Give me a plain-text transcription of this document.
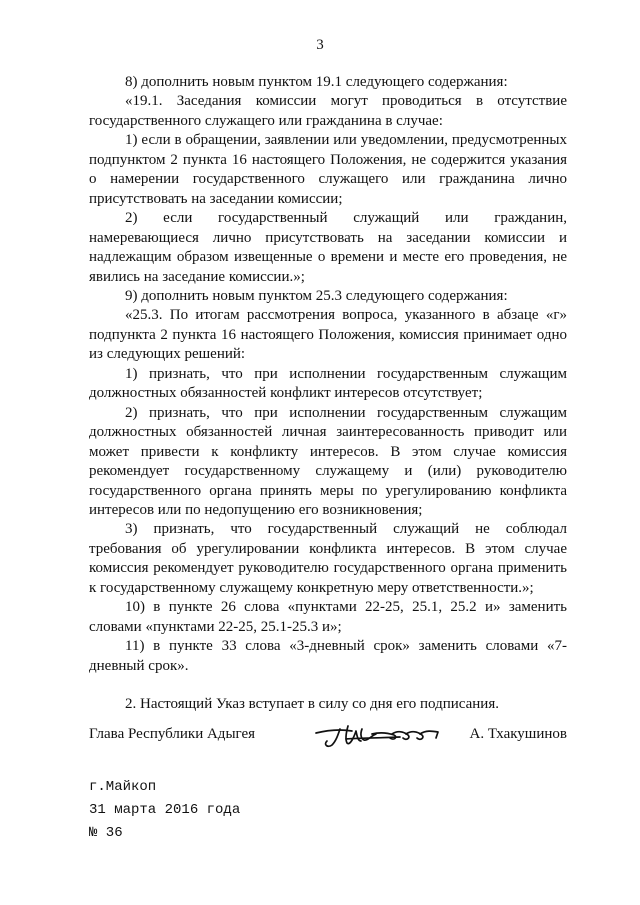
3

8) дополнить новым пунктом 19.1 следующего содержания:

«19.1. Заседания комиссии могут проводиться в отсутствие государственного служащего или гражданина в случае:

1) если в обращении, заявлении или уведомлении, предусмотренных подпунктом 2 пункта 16 настоящего Положения, не содержится указания о намерении государственного служащего или гражданина лично присутствовать на заседании комиссии;

2) если государственный служащий или гражданин, намеревающиеся лично присутствовать на заседании комиссии и надлежащим образом извещенные о времени и месте его проведения, не явились на заседание комиссии.»;

9) дополнить новым пунктом 25.3 следующего содержания:

«25.3. По итогам рассмотрения вопроса, указанного в абзаце «г» подпункта 2 пункта 16 настоящего Положения, комиссия принимает одно из следующих решений:

1) признать, что при исполнении государственным служащим должностных обязанностей конфликт интересов отсутствует;

2) признать, что при исполнении государственным служащим должностных обязанностей личная заинтересованность приводит или может привести к конфликту интересов. В этом случае комиссия рекомендует государственному служащему и (или) руководителю государственного органа принять меры по урегулированию конфликта интересов или по недопущению его возникновения;

3) признать, что государственный служащий не соблюдал требования об урегулировании конфликта интересов. В этом случае комиссия рекомендует руководителю государственного органа применить к государственному служащему конкретную меру ответственности.»;

10) в пункте 26 слова «пунктами 22-25, 25.1, 25.2 и» заменить словами «пунктами 22-25, 25.1-25.3 и»;

11) в пункте 33 слова «3-дневный срок» заменить словами «7-дневный срок».

2. Настоящий Указ вступает в силу со дня его подписания.

Глава Республики Адыгея	А. Тхакушинов
г.Майкоп
31 марта 2016 года
№ 36
